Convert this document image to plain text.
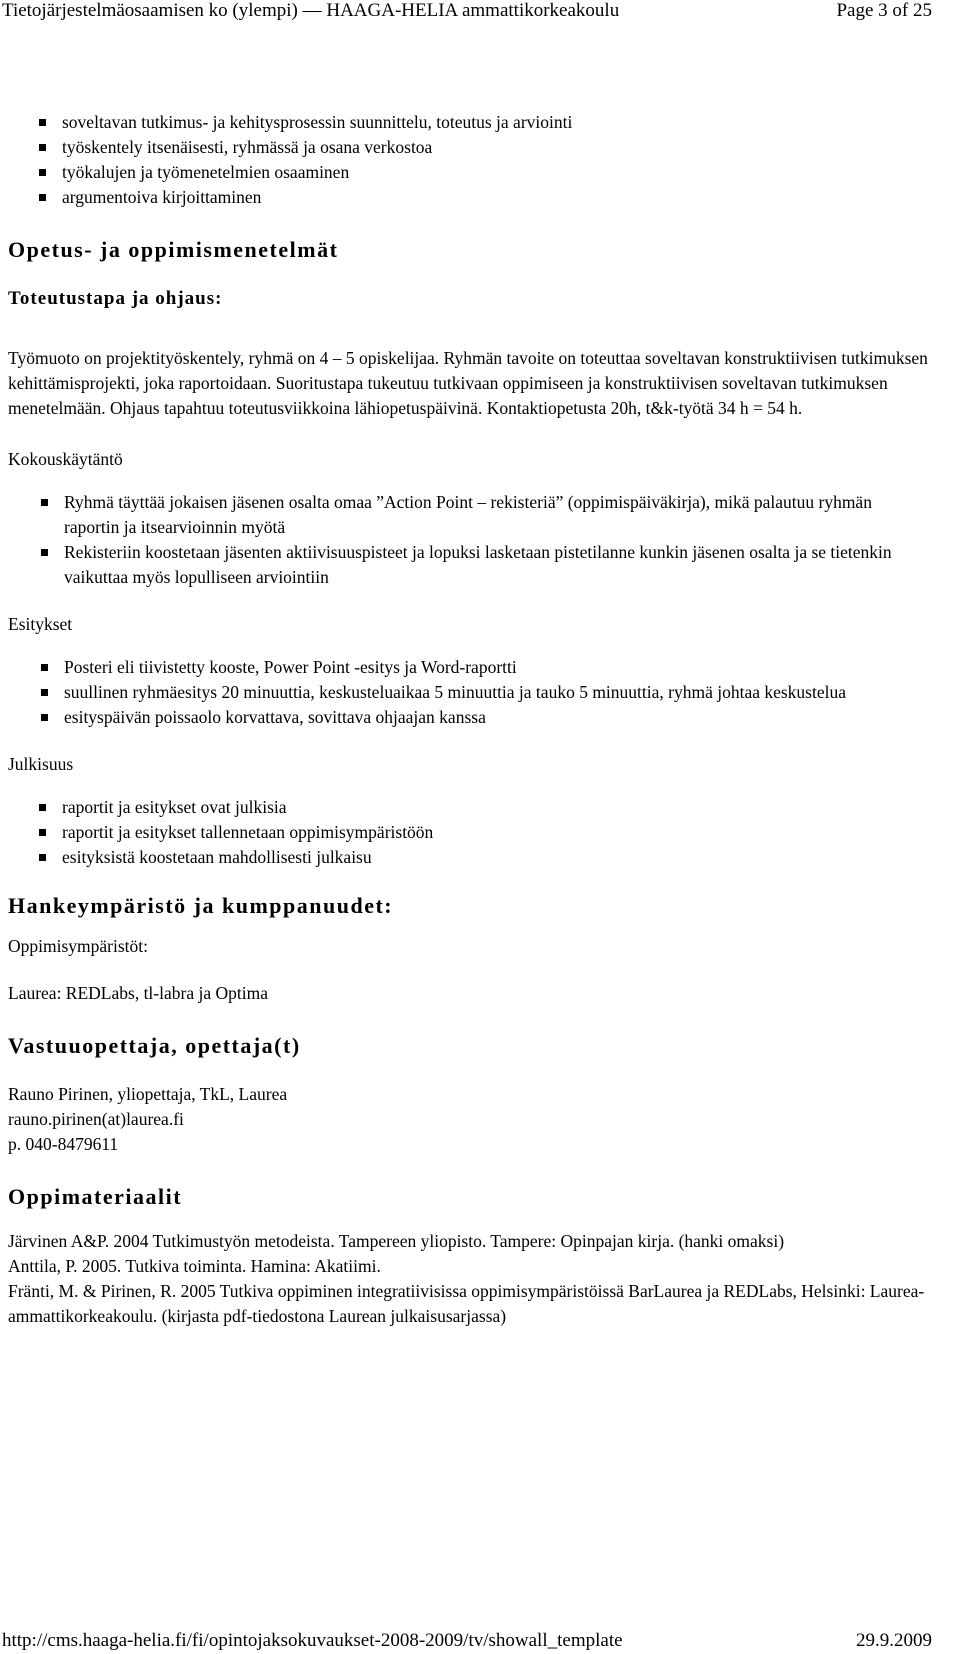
Tietojärjestelmäosaamisen ko (ylempi) — HAAGA-HELIA ammattikorkeakoulu	Page 3 of 25
soveltavan tutkimus- ja kehitysprosessin suunnittelu, toteutus ja arviointi
työskentely itsenäisesti, ryhmässä ja osana verkostoa
työkalujen ja työmenetelmien osaaminen
argumentoiva kirjoittaminen
Opetus- ja oppimismenetelmät
Toteutustapa ja ohjaus:

Työmuoto on projektityöskentely, ryhmä on 4 – 5 opiskelijaa. Ryhmän tavoite on toteuttaa soveltavan konstruktiivisen tutkimuksen kehittämisprojekti, joka raportoidaan. Suoritustapa tukeutuu tutkivaan oppimiseen ja konstruktiivisen soveltavan tutkimuksen menetelmään. Ohjaus tapahtuu toteutusviikkoina lähiopetuspäivinä. Kontaktiopetusta 20h, t&k-työtä 34 h = 54 h.

Kokouskäytäntö
Ryhmä täyttää jokaisen jäsenen osalta omaa ”Action Point – rekisteriä” (oppimispäiväkirja), mikä palautuu ryhmän raportin ja itsearvioinnin myötä
Rekisteriin koostetaan jäsenten aktiivisuuspisteet ja lopuksi lasketaan pistetilanne kunkin jäsenen osalta ja se tietenkin vaikuttaa myös lopulliseen arviointiin
Esitykset
Posteri eli tiivistetty kooste, Power Point -esitys ja Word-raportti
suullinen ryhmäesitys 20 minuuttia, keskusteluaikaa 5 minuuttia ja tauko 5 minuuttia, ryhmä johtaa keskustelua
esityspäivän poissaolo korvattava, sovittava ohjaajan kanssa
Julkisuus
raportit ja esitykset ovat julkisia
raportit ja esitykset tallennetaan oppimisympäristöön
esityksistä koostetaan mahdollisesti julkaisu
Hankeympäristö ja kumppanuudet:
Oppimisympäristöt:
Laurea: REDLabs, tl-labra ja Optima
Vastuuopettaja, opettaja(t)
Rauno Pirinen, yliopettaja, TkL, Laurea
rauno.pirinen(at)laurea.fi
p. 040-8479611
Oppimateriaalit

Järvinen A&P. 2004 Tutkimustyön metodeista. Tampereen yliopisto. Tampere: Opinpajan kirja. (hanki omaksi)

Anttila, P. 2005. Tutkiva toiminta. Hamina: Akatiimi.

Fränti, M. & Pirinen, R. 2005 Tutkiva oppiminen integratiivisissa oppimisympäristöissä BarLaurea ja REDLabs, Helsinki: Laurea-ammattikorkeakoulu. (kirjasta pdf-tiedostona Laurean julkaisusarjassa)

http://cms.haaga-helia.fi/fi/opintojaksokuvaukset-2008-2009/tv/showall_template	29.9.2009
